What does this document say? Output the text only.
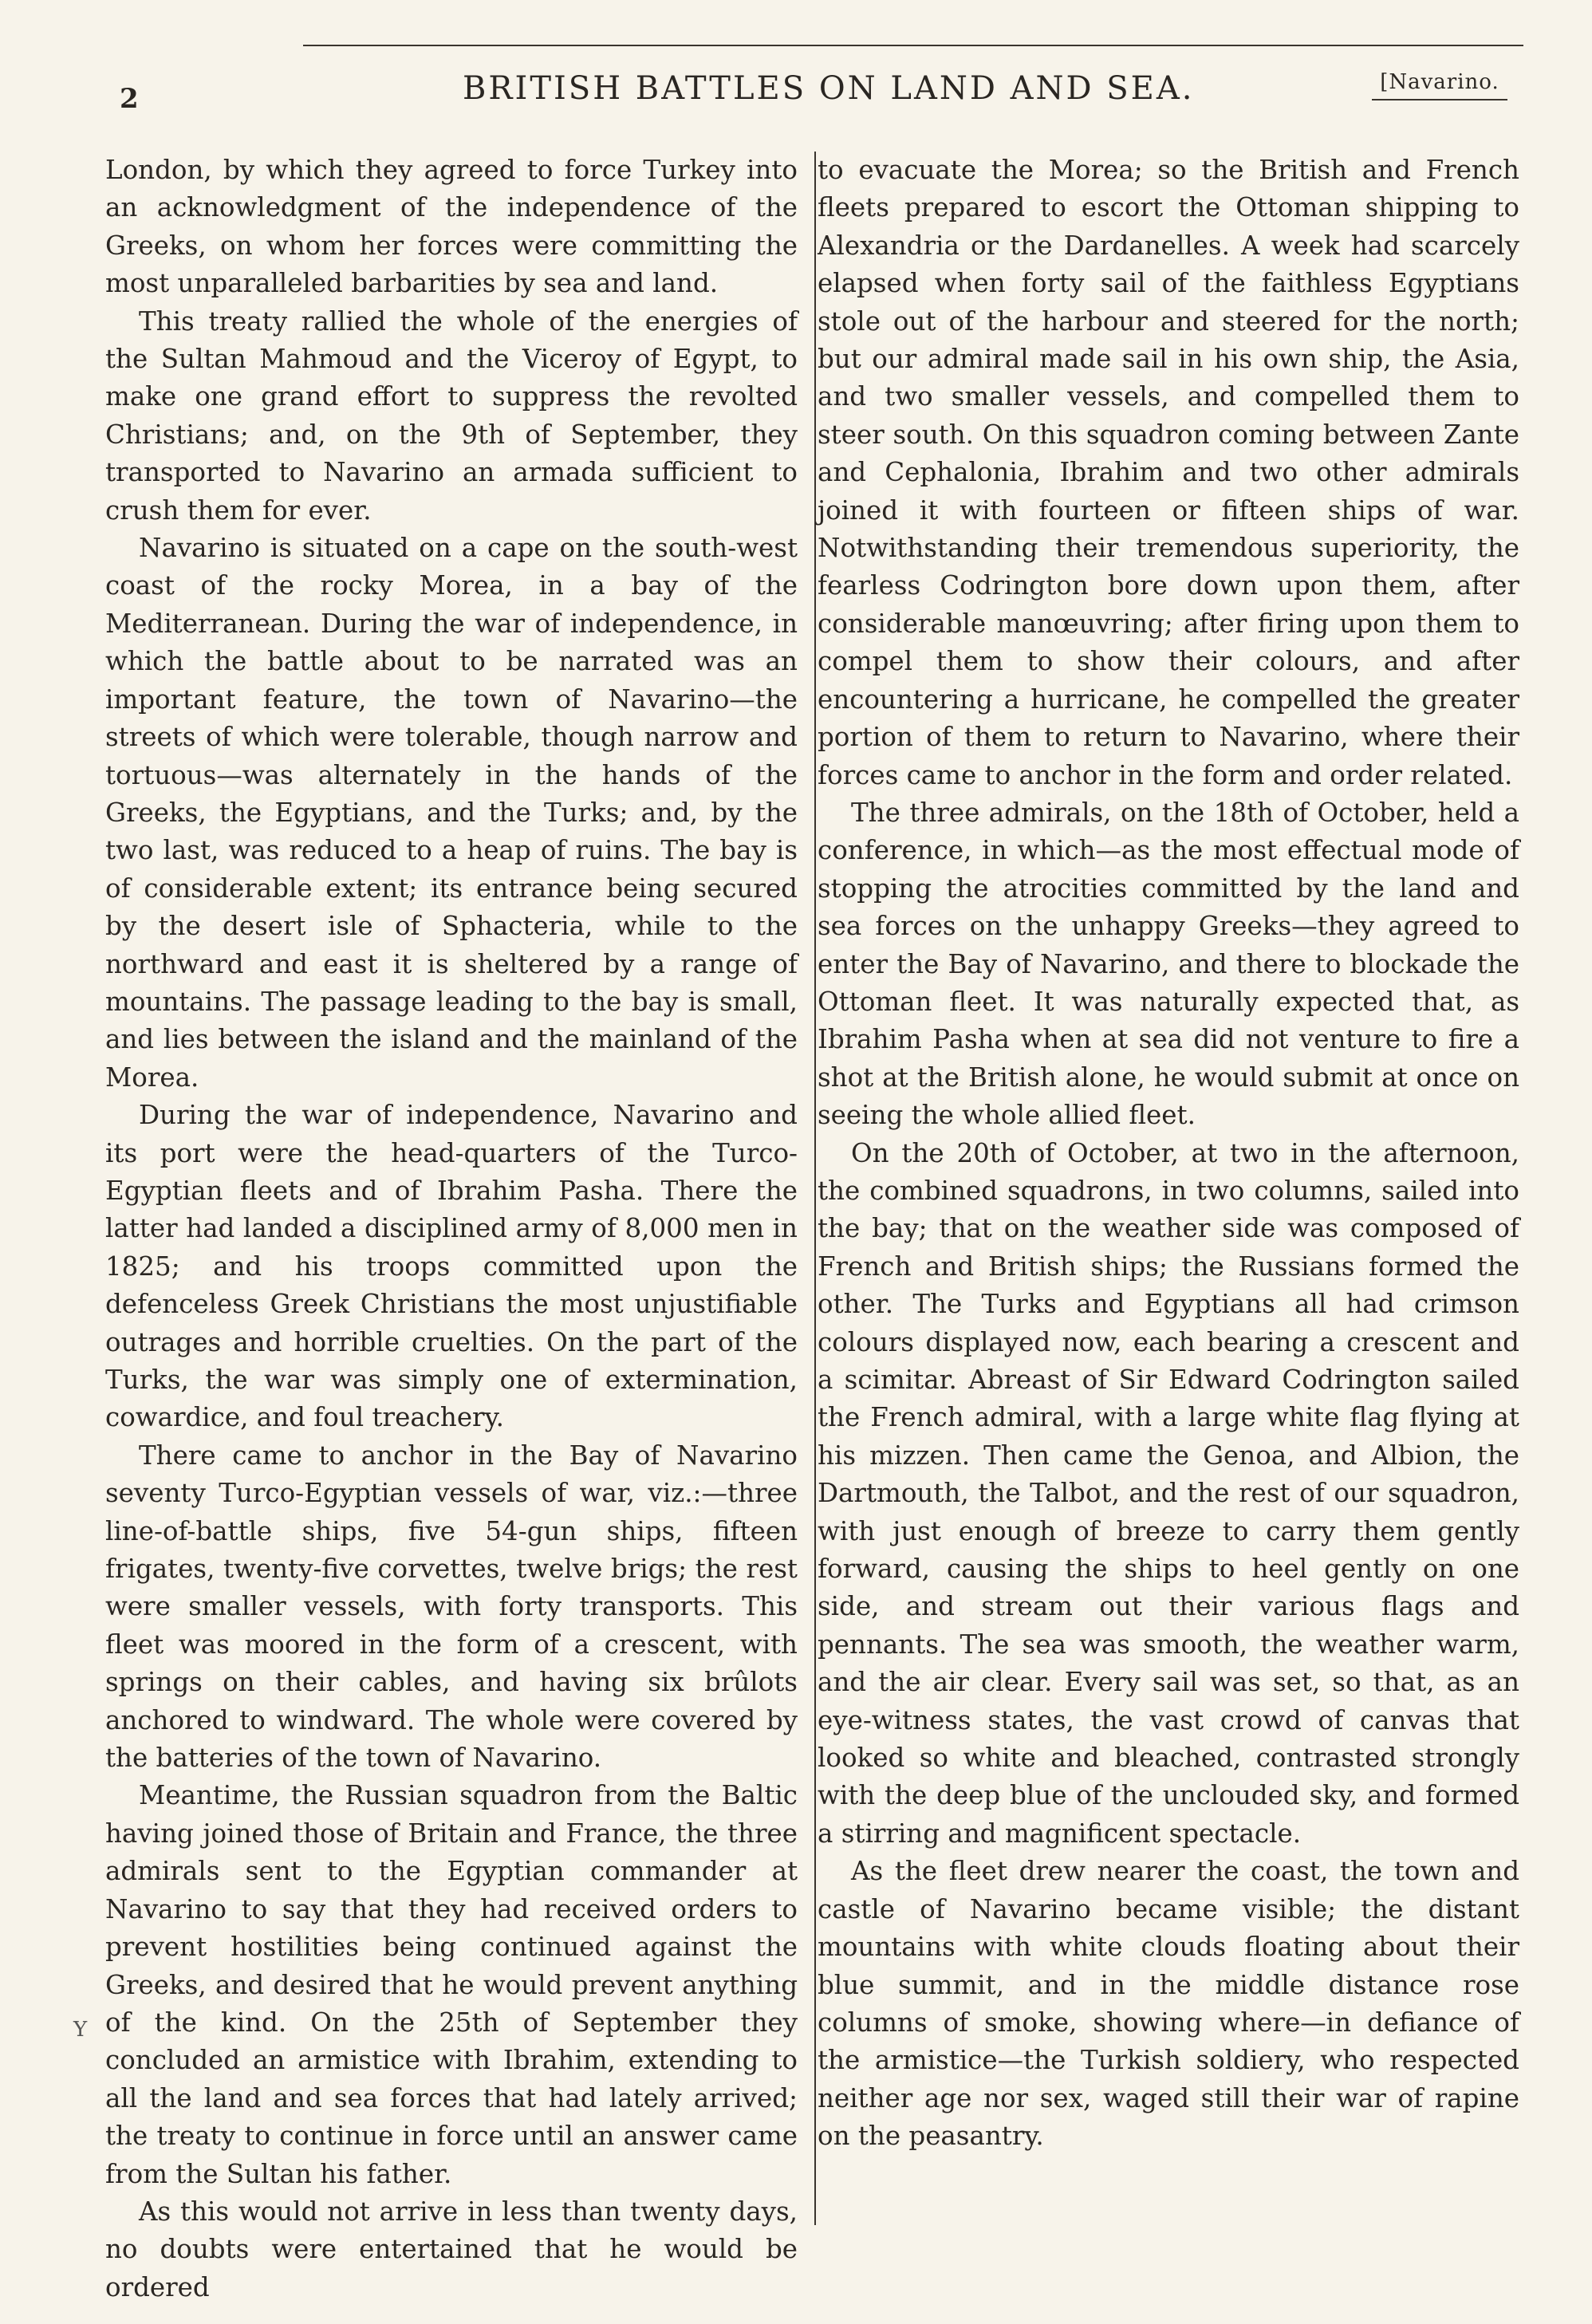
2	BRITISH BATTLES ON LAND AND SEA.	[Navarino.

London, by which they agreed to force Turkey into an acknowledgment of the independence of the Greeks, on whom her forces were committing the most unparalleled barbarities by sea and land.

This treaty rallied the whole of the energies of the Sultan Mahmoud and the Viceroy of Egypt, to make one grand effort to suppress the revolted Christians; and, on the 9th of September, they transported to Navarino an armada sufficient to crush them for ever.

Navarino is situated on a cape on the south-west coast of the rocky Morea, in a bay of the Mediterranean. During the war of independence, in which the battle about to be narrated was an important feature, the town of Navarino—the streets of which were tolerable, though narrow and tortuous—was alternately in the hands of the Greeks, the Egyptians, and the Turks; and, by the two last, was reduced to a heap of ruins. The bay is of considerable extent; its entrance being secured by the desert isle of Sphacteria, while to the northward and east it is sheltered by a range of mountains. The passage leading to the bay is small, and lies between the island and the mainland of the Morea.

During the war of independence, Navarino and its port were the head-quarters of the Turco-Egyptian fleets and of Ibrahim Pasha. There the latter had landed a disciplined army of 8,000 men in 1825; and his troops committed upon the defenceless Greek Christians the most unjustifiable outrages and horrible cruelties. On the part of the Turks, the war was simply one of extermination, cowardice, and foul treachery.

There came to anchor in the Bay of Navarino seventy Turco-Egyptian vessels of war, viz.:—three line-of-battle ships, five 54-gun ships, fifteen frigates, twenty-five corvettes, twelve brigs; the rest were smaller vessels, with forty transports. This fleet was moored in the form of a crescent, with springs on their cables, and having six brûlots anchored to windward. The whole were covered by the batteries of the town of Navarino.

Meantime, the Russian squadron from the Baltic having joined those of Britain and France, the three admirals sent to the Egyptian commander at Navarino to say that they had received orders to prevent hostilities being continued against the Greeks, and desired that he would prevent anything of the kind. On the 25th of September they concluded an armistice with Ibrahim, extending to all the land and sea forces that had lately arrived; the treaty to continue in force until an answer came from the Sultan his father.

As this would not arrive in less than twenty days, no doubts were entertained that he would be ordered

to evacuate the Morea; so the British and French fleets prepared to escort the Ottoman shipping to Alexandria or the Dardanelles. A week had scarcely elapsed when forty sail of the faithless Egyptians stole out of the harbour and steered for the north; but our admiral made sail in his own ship, the Asia, and two smaller vessels, and compelled them to steer south. On this squadron coming between Zante and Cephalonia, Ibrahim and two other admirals joined it with fourteen or fifteen ships of war. Notwithstanding their tremendous superiority, the fearless Codrington bore down upon them, after considerable manœuvring; after firing upon them to compel them to show their colours, and after encountering a hurricane, he compelled the greater portion of them to return to Navarino, where their forces came to anchor in the form and order related.

The three admirals, on the 18th of October, held a conference, in which—as the most effectual mode of stopping the atrocities committed by the land and sea forces on the unhappy Greeks—they agreed to enter the Bay of Navarino, and there to blockade the Ottoman fleet. It was naturally expected that, as Ibrahim Pasha when at sea did not venture to fire a shot at the British alone, he would submit at once on seeing the whole allied fleet.

On the 20th of October, at two in the afternoon, the combined squadrons, in two columns, sailed into the bay; that on the weather side was composed of French and British ships; the Russians formed the other. The Turks and Egyptians all had crimson colours displayed now, each bearing a crescent and a scimitar. Abreast of Sir Edward Codrington sailed the French admiral, with a large white flag flying at his mizzen. Then came the Genoa, and Albion, the Dartmouth, the Talbot, and the rest of our squadron, with just enough of breeze to carry them gently forward, causing the ships to heel gently on one side, and stream out their various flags and pennants. The sea was smooth, the weather warm, and the air clear. Every sail was set, so that, as an eye-witness states, the vast crowd of canvas that looked so white and bleached, contrasted strongly with the deep blue of the unclouded sky, and formed a stirring and magnificent spectacle.

As the fleet drew nearer the coast, the town and castle of Navarino became visible; the distant mountains with white clouds floating about their blue summit, and in the middle distance rose columns of smoke, showing where—in defiance of the armistice—the Turkish soldiery, who respected neither age nor sex, waged still their war of rapine on the peasantry.

Y
